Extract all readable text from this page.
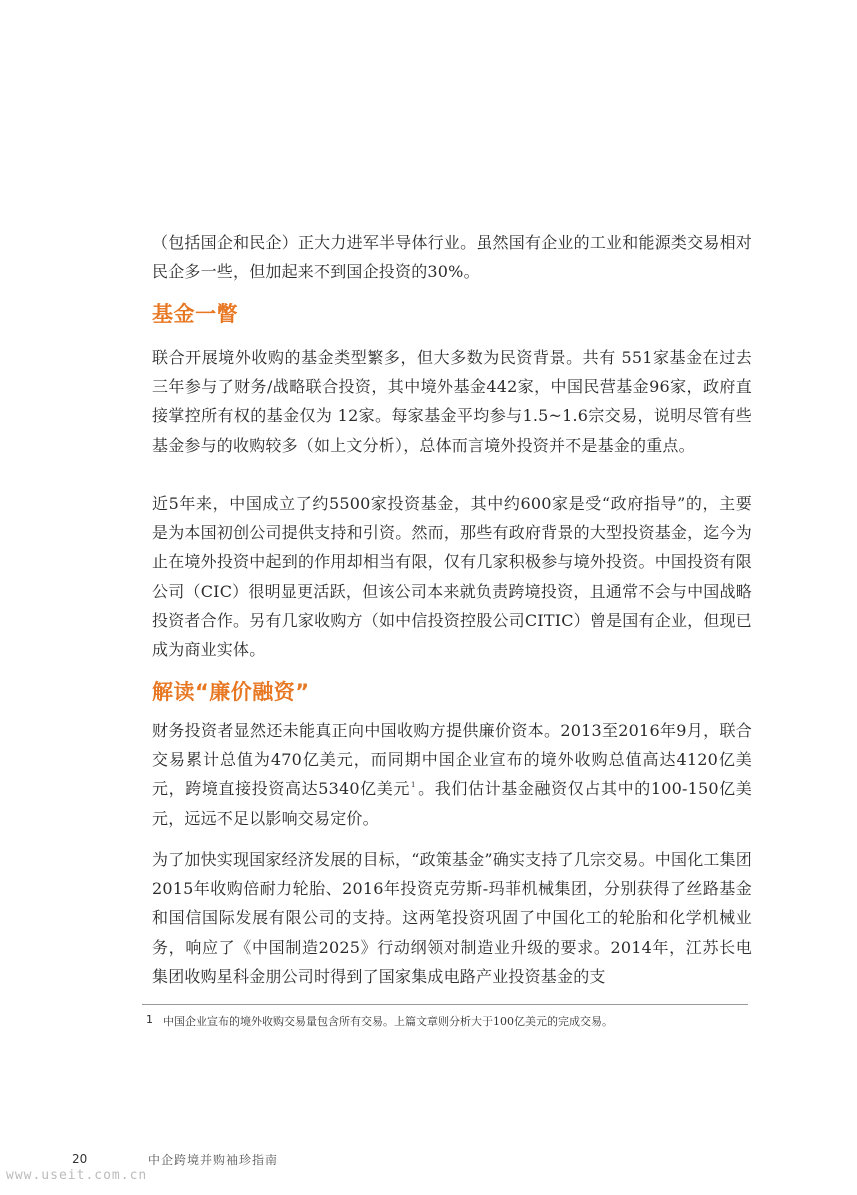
（包括国企和民企）正大力进军半导体行业。虽然国有企业的工业和能源类交易相对民企多一些，但加起来不到国企投资的30%。

基金一瞥

联合开展境外收购的基金类型繁多，但大多数为民资背景。共有 551家基金在过去三年参与了财务/战略联合投资，其中境外基金442家，中国民营基金96家，政府直接掌控所有权的基金仅为 12家。每家基金平均参与1.5~1.6宗交易，说明尽管有些基金参与的收购较多（如上文分析），总体而言境外投资并不是基金的重点。

近5年来，中国成立了约5500家投资基金，其中约600家是受“政府指导”的，主要是为本国初创公司提供支持和引资。然而，那些有政府背景的大型投资基金，迄今为止在境外投资中起到的作用却相当有限，仅有几家积极参与境外投资。中国投资有限公司（CIC）很明显更活跃，但该公司本来就负责跨境投资，且通常不会与中国战略投资者合作。另有几家收购方（如中信投资控股公司CITIC）曾是国有企业，但现已成为商业实体。

解读“廉价融资”

财务投资者显然还未能真正向中国收购方提供廉价资本。2013至2016年9月，联合交易累计总值为470亿美元，而同期中国企业宣布的境外收购总值高达4120亿美元，跨境直接投资高达5340亿美元$^1$ 。我们估计基金融资仅占其中的100-150亿美元，远远不足以影响交易定价。

为了加快实现国家经济发展的目标，“政策基金”确实支持了几宗交易。中国化工集团2015年收购倍耐力轮胎、2016年投资克劳斯-玛菲机械集团，分别获得了丝路基金和国信国际发展有限公司的支持。这两笔投资巩固了中国化工的轮胎和化学机械业务，响应了《中国制造2025》行动纲领对制造业升级的要求。2014年，江苏长电集团收购星科金朋公司时得到了国家集成电路产业投资基金的支

1 中国企业宣布的境外收购交易量包含所有交易。上篇文章则分析大于100亿美元的完成交易。

20	中企跨境并购袖珍指南
www.useit.com.cn
